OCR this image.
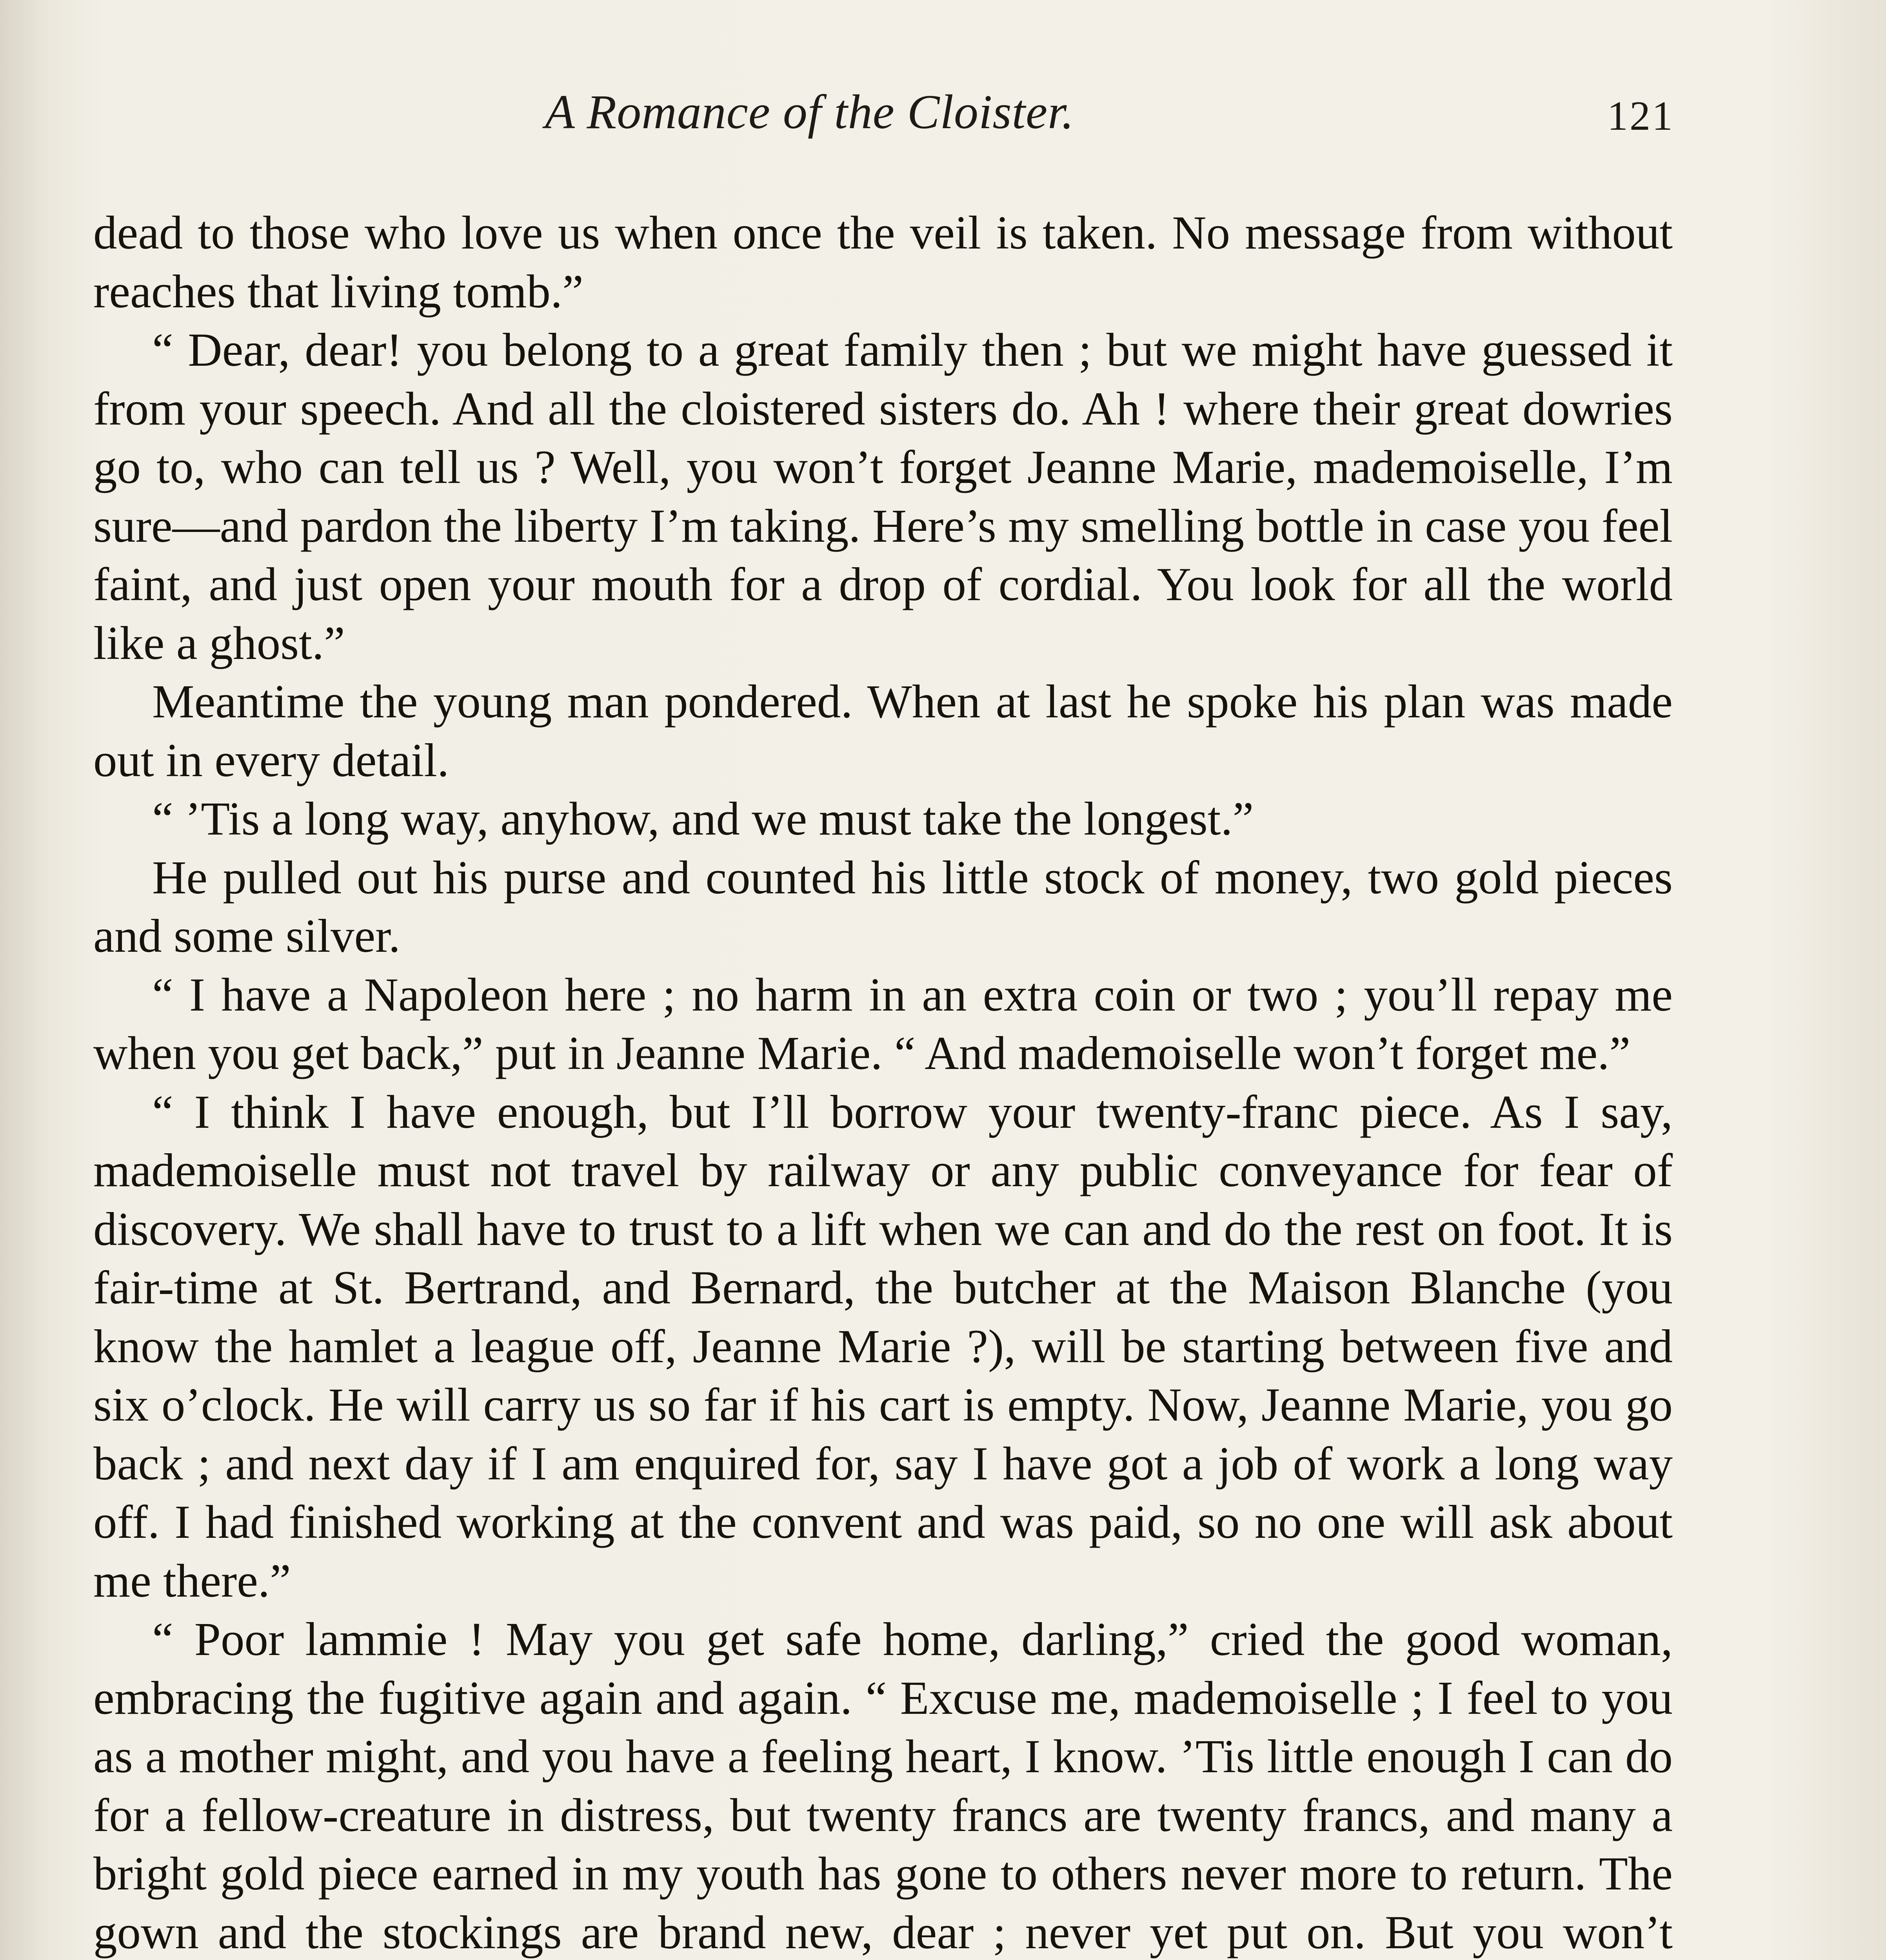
A Romance of the Cloister.	121

dead to those who love us when once the veil is taken. No message from without reaches that living tomb.”

“ Dear, dear! you belong to a great family then ; but we might have guessed it from your speech. And all the cloistered sisters do. Ah ! where their great dowries go to, who can tell us ? Well, you won’t forget Jeanne Marie, mademoiselle, I’m sure—and pardon the liberty I’m taking. Here’s my smelling bottle in case you feel faint, and just open your mouth for a drop of cordial. You look for all the world like a ghost.”

Meantime the young man pondered. When at last he spoke his plan was made out in every detail.

“ ’Tis a long way, anyhow, and we must take the longest.”

He pulled out his purse and counted his little stock of money, two gold pieces and some silver.

“ I have a Napoleon here ; no harm in an extra coin or two ; you’ll repay me when you get back,” put in Jeanne Marie. “ And mademoiselle won’t forget me.”

“ I think I have enough, but I’ll borrow your twenty-franc piece. As I say, mademoiselle must not travel by railway or any public conveyance for fear of discovery. We shall have to trust to a lift when we can and do the rest on foot. It is fair-time at St. Bertrand, and Bernard, the butcher at the Maison Blanche (you know the hamlet a league off, Jeanne Marie ?), will be starting between five and six o’clock. He will carry us so far if his cart is empty. Now, Jeanne Marie, you go back ; and next day if I am enquired for, say I have got a job of work a long way off. I had finished working at the convent and was paid, so no one will ask about me there.”

“ Poor lammie ! May you get safe home, darling,” cried the good woman, embracing the fugitive again and again. “ Excuse me, mademoiselle ; I feel to you as a mother might, and you have a feeling heart, I know. ’Tis little enough I can do for a fellow-creature in distress, but twenty francs are twenty francs, and many a bright gold piece earned in my youth has gone to others never more to return. The gown and the stockings are brand new, dear ; never yet put on. But you won’t
